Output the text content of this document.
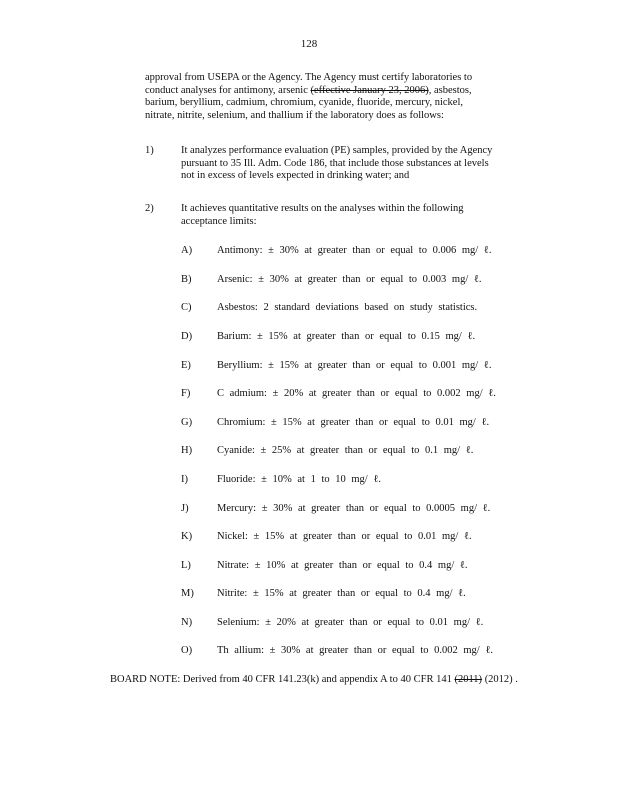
128
approval from USEPA or the Agency. The Agency must certify laboratories to
conduct analyses for antimony, arsenic (effective January 23, 2006), asbestos,
barium, beryllium, cadmium, chromium, cyanide, fluoride, mercury, nickel,
nitrate, nitrite, selenium, and thallium if the laboratory does as follows:
1)	It analyzes performance evaluation (PE) samples, provided by the Agency
pursuant to 35 Ill. Adm. Code 186, that include those substances at levels
not in excess of levels expected in drinking water; and
2)	It achieves quantitative results on the analyses within the following
acceptance limits:
A) Antimony: ± 30% at greater than or equal to 0.006 mg/ ℓ.
B) Arsenic: ± 30% at greater than or equal to 0.003 mg/ ℓ.
C) Asbestos: 2 standard deviations based on study statistics.
D) Barium: ± 15% at greater than or equal to 0.15 mg/ ℓ.
E) Beryllium: ± 15% at greater than or equal to 0.001 mg/ ℓ.
F)	C admium: ± 20% at greater than or equal to 0.002 mg/ ℓ.
G) Chromium: ± 15% at greater than or equal to 0.01 mg/ ℓ.
H) Cyanide: ± 25% at greater than or equal to 0.1 mg/ ℓ.
I)	Fluoride: ± 10% at 1 to 10 mg/ ℓ.
J)	Mercury: ± 30% at greater than or equal to 0.0005 mg/ ℓ.
K) Nickel: ± 15% at greater than or equal to 0.01 mg/ ℓ.
L) Nitrate: ± 10% at greater than or equal to 0.4 mg/ ℓ.
M) Nitrite: ± 15% at greater than or equal to 0.4 mg/ ℓ.
N) Selenium: ± 20% at greater than or equal to 0.01 mg/ ℓ.
O) Th allium: ± 30% at greater than or equal to 0.002 mg/ ℓ.
BOARD NOTE: Derived from 40 CFR 141.23(k) and appendix A to 40 CFR 141 (2011) (2012) .
